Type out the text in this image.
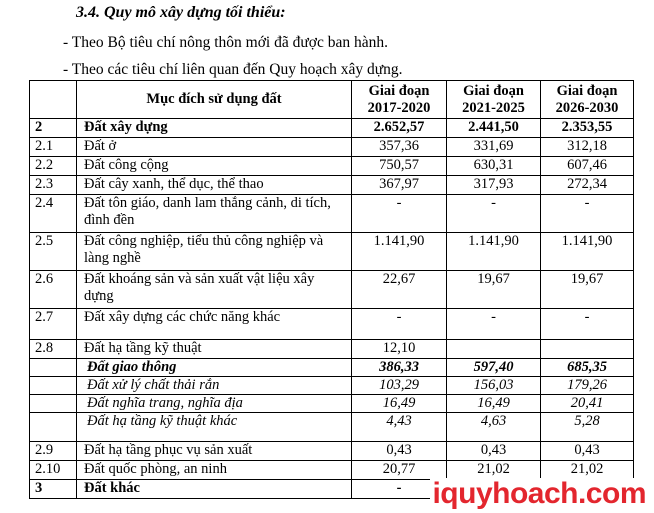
3.4. Quy mô xây dựng tối thiểu:
- Theo Bộ tiêu chí nông thôn mới đã được ban hành.
- Theo các tiêu chí liên quan đến Quy hoạch xây dựng.
	Mục đích sử dụng đất	Giai đoạn 2017-2020	Giai đoạn 2021-2025	Giai đoạn 2026-2030
2	Đất xây dựng	2.652,57	2.441,50	2.353,55
2.1	Đất ở	357,36	331,69	312,18
2.2	Đất công cộng	750,57	630,31	607,46
2.3	Đất cây xanh, thể dục, thể thao	367,97	317,93	272,34
2.4	Đất tôn giáo, danh lam thắng cảnh, di tích, đình đền	-	-	-
2.5	Đất công nghiệp, tiểu thủ công nghiệp và làng nghề	1.141,90	1.141,90	1.141,90
2.6	Đất khoáng sản và sản xuất vật liệu xây dựng	22,67	19,67	19,67
2.7	Đất xây dựng các chức năng khác	-	-	-
2.8	Đất hạ tầng kỹ thuật	12,10		
	Đất giao thông	386,33	597,40	685,35
	Đất xử lý chất thải rắn	103,29	156,03	179,26
	Đất nghĩa trang, nghĩa địa	16,49	16,49	20,41
	Đất hạ tầng kỹ thuật khác	4,43	4,63	5,28
2.9	Đất hạ tầng phục vụ sản xuất	0,43	0,43	0,43
2.10	Đất quốc phòng, an ninh	20,77	21,02	21,02
3	Đất khác	-		iquyhoach.com
